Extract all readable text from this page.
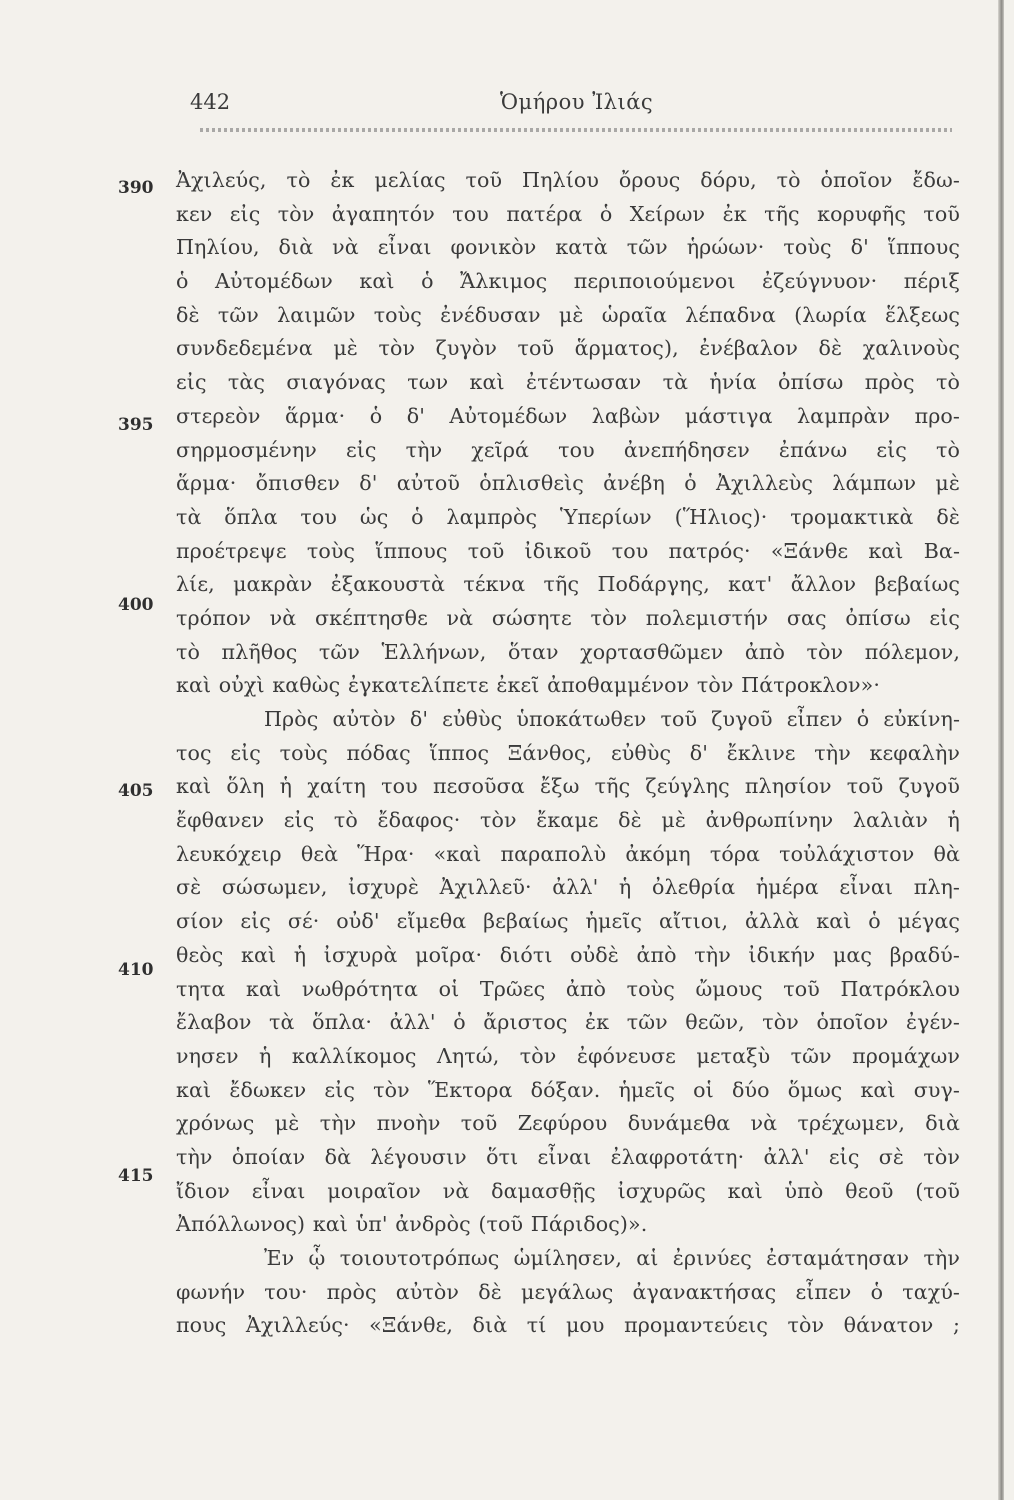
442	Ὁμήρου Ἰλιάς
390
395
400
405
410
415
Ἀχιλεύς, τὸ ἐκ μελίας τοῦ Πηλίου ὄρους δόρυ, τὸ ὁποῖον ἔδω-
κεν εἰς τὸν ἀγαπητόν του πατέρα ὁ Χείρων ἐκ τῆς κορυφῆς τοῦ
Πηλίου, διὰ νὰ εἶναι φονικὸν κατὰ τῶν ἡρώων· τοὺς δ' ἵππους
ὁ Αὐτομέδων καὶ ὁ Ἄλκιμος περιποιούμενοι ἐζεύγνυον· πέριξ
δὲ τῶν λαιμῶν τοὺς ἐνέδυσαν μὲ ὡραῖα λέπαδνα (λωρία ἕλξεως
συνδεδεμένα μὲ τὸν ζυγὸν τοῦ ἅρματος), ἐνέβαλον δὲ χαλινοὺς
εἰς τὰς σιαγόνας των καὶ ἐτέντωσαν τὰ ἡνία ὀπίσω πρὸς τὸ
στερεὸν ἅρμα· ὁ δ' Αὐτομέδων λαβὼν μάστιγα λαμπρὰν προ-
σηρμοσμένην εἰς τὴν χεῖρά του ἀνεπήδησεν ἐπάνω εἰς τὸ
ἅρμα· ὄπισθεν δ' αὐτοῦ ὁπλισθεὶς ἀνέβη ὁ Ἀχιλλεὺς λάμπων μὲ
τὰ ὅπλα του ὡς ὁ λαμπρὸς Ὑπερίων (Ἥλιος)· τρομακτικὰ δὲ
προέτρεψε τοὺς ἵππους τοῦ ἰδικοῦ του πατρός· «Ξάνθε καὶ Βα-
λίε, μακρὰν ἐξακουστὰ τέκνα τῆς Ποδάργης, κατ' ἄλλον βεβαίως
τρόπον νὰ σκέπτησθε νὰ σώσητε τὸν πολεμιστήν σας ὀπίσω εἰς
τὸ πλῆθος τῶν Ἑλλήνων, ὅταν χορτασθῶμεν ἀπὸ τὸν πόλεμον,
καὶ οὐχὶ καθὼς ἐγκατελίπετε ἐκεῖ ἀποθαμμένον τὸν Πάτροκλον»·
Πρὸς αὐτὸν δ' εὐθὺς ὑποκάτωθεν τοῦ ζυγοῦ εἶπεν ὁ εὐκίνη-
τος εἰς τοὺς πόδας ἵππος Ξάνθος, εὐθὺς δ' ἔκλινε τὴν κεφαλὴν
καὶ ὅλη ἡ χαίτη του πεσοῦσα ἔξω τῆς ζεύγλης πλησίον τοῦ ζυγοῦ
ἔφθανεν εἰς τὸ ἔδαφος· τὸν ἔκαμε δὲ μὲ ἀνθρωπίνην λαλιὰν ἡ
λευκόχειρ θεὰ Ἥρα· «καὶ παραπολὺ ἀκόμη τόρα τοὐλάχιστον θὰ
σὲ σώσωμεν, ἰσχυρὲ Ἀχιλλεῦ· ἀλλ' ἡ ὀλεθρία ἡμέρα εἶναι πλη-
σίον εἰς σέ· οὐδ' εἴμεθα βεβαίως ἡμεῖς αἴτιοι, ἀλλὰ καὶ ὁ μέγας
θεὸς καὶ ἡ ἰσχυρὰ μοῖρα· διότι οὐδὲ ἀπὸ τὴν ἰδικήν μας βραδύ-
τητα καὶ νωθρότητα οἱ Τρῶες ἀπὸ τοὺς ὤμους τοῦ Πατρόκλου
ἔλαβον τὰ ὅπλα· ἀλλ' ὁ ἄριστος ἐκ τῶν θεῶν, τὸν ὁποῖον ἐγέν-
νησεν ἡ καλλίκομος Λητώ, τὸν ἐφόνευσε μεταξὺ τῶν προμάχων
καὶ ἔδωκεν εἰς τὸν Ἕκτορα δόξαν. ἡμεῖς οἱ δύο ὅμως καὶ συγ-
χρόνως μὲ τὴν πνοὴν τοῦ Ζεφύρου δυνάμεθα νὰ τρέχωμεν, διὰ
τὴν ὁποίαν δὰ λέγουσιν ὅτι εἶναι ἐλαφροτάτη· ἀλλ' εἰς σὲ τὸν
ἴδιον εἶναι μοιραῖον νὰ δαμασθῇς ἰσχυρῶς καὶ ὑπὸ θεοῦ (τοῦ
Ἀπόλλωνος) καὶ ὑπ' ἀνδρὸς (τοῦ Πάριδος)».
Ἐν ᾧ τοιουτοτρόπως ὡμίλησεν, αἱ ἐρινύες ἐσταμάτησαν τὴν
φωνήν του· πρὸς αὐτὸν δὲ μεγάλως ἀγανακτήσας εἶπεν ὁ ταχύ-
πους Ἀχιλλεύς· «Ξάνθε, διὰ τί μου προμαντεύεις τὸν θάνατον ;
